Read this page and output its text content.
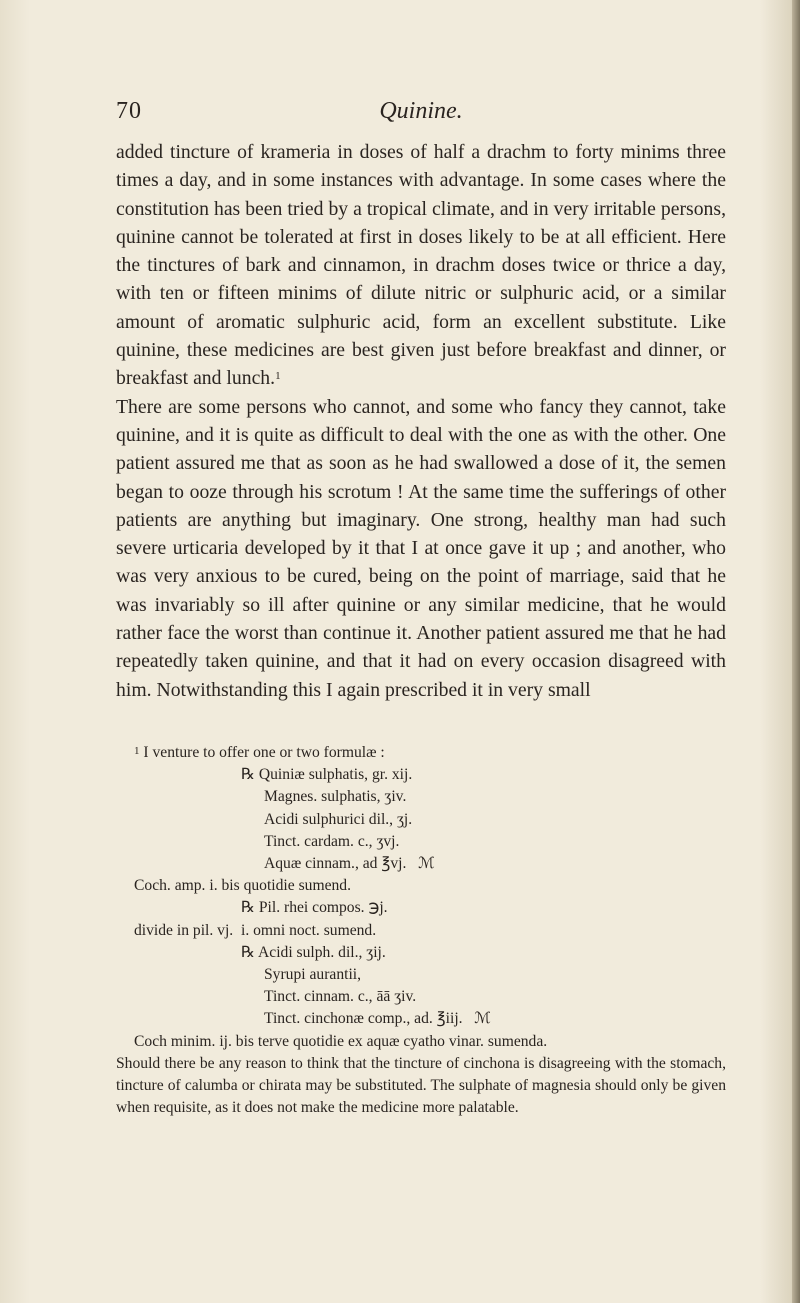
70	Quinine.

added tincture of krameria in doses of half a drachm to forty minims three times a day, and in some instances with advantage. In some cases where the constitution has been tried by a tropical climate, and in very irritable persons, quinine cannot be tolerated at first in doses likely to be at all efficient. Here the tinctures of bark and cinnamon, in drachm doses twice or thrice a day, with ten or fifteen minims of dilute nitric or sulphuric acid, or a similar amount of aromatic sulphuric acid, form an excellent substitute. Like quinine, these medicines are best given just before breakfast and dinner, or breakfast and lunch.$^1$

There are some persons who cannot, and some who fancy they cannot, take quinine, and it is quite as difficult to deal with the one as with the other. One patient assured me that as soon as he had swallowed a dose of it, the semen began to ooze through his scrotum ! At the same time the sufferings of other patients are anything but imaginary. One strong, healthy man had such severe urticaria developed by it that I at once gave it up ; and another, who was very anxious to be cured, being on the point of marriage, said that he was invariably so ill after quinine or any similar medicine, that he would rather face the worst than continue it. Another patient assured me that he had repeatedly taken quinine, and that it had on every occasion disagreed with him. Notwithstanding this I again prescribed it in very small

$^1$ I venture to offer one or two formulæ :
℞ Quiniæ sulphatis, gr. xij.
Magnes. sulphatis, ʒiv.
Acidi sulphurici dil., ʒj.
Tinct. cardam. c., ʒvj.
Aquæ cinnam., ad ℥vj.   ℳ
Coch. amp. i. bis quotidie sumend.
℞ Pil. rhei compos. ℈j.
divide in pil. vj.  i. omni noct. sumend.
℞ Acidi sulph. dil., ʒij.
Syrupi aurantii,
Tinct. cinnam. c., āā ʒiv.
Tinct. cinchonæ comp., ad. ℥iij.   ℳ
Coch minim. ij. bis terve quotidie ex aquæ cyatho vinar. sumenda.
Should there be any reason to think that the tincture of cinchona is disagreeing with the stomach, tincture of calumba or chirata may be substituted. The sulphate of magnesia should only be given when requisite, as it does not make the medicine more palatable.
